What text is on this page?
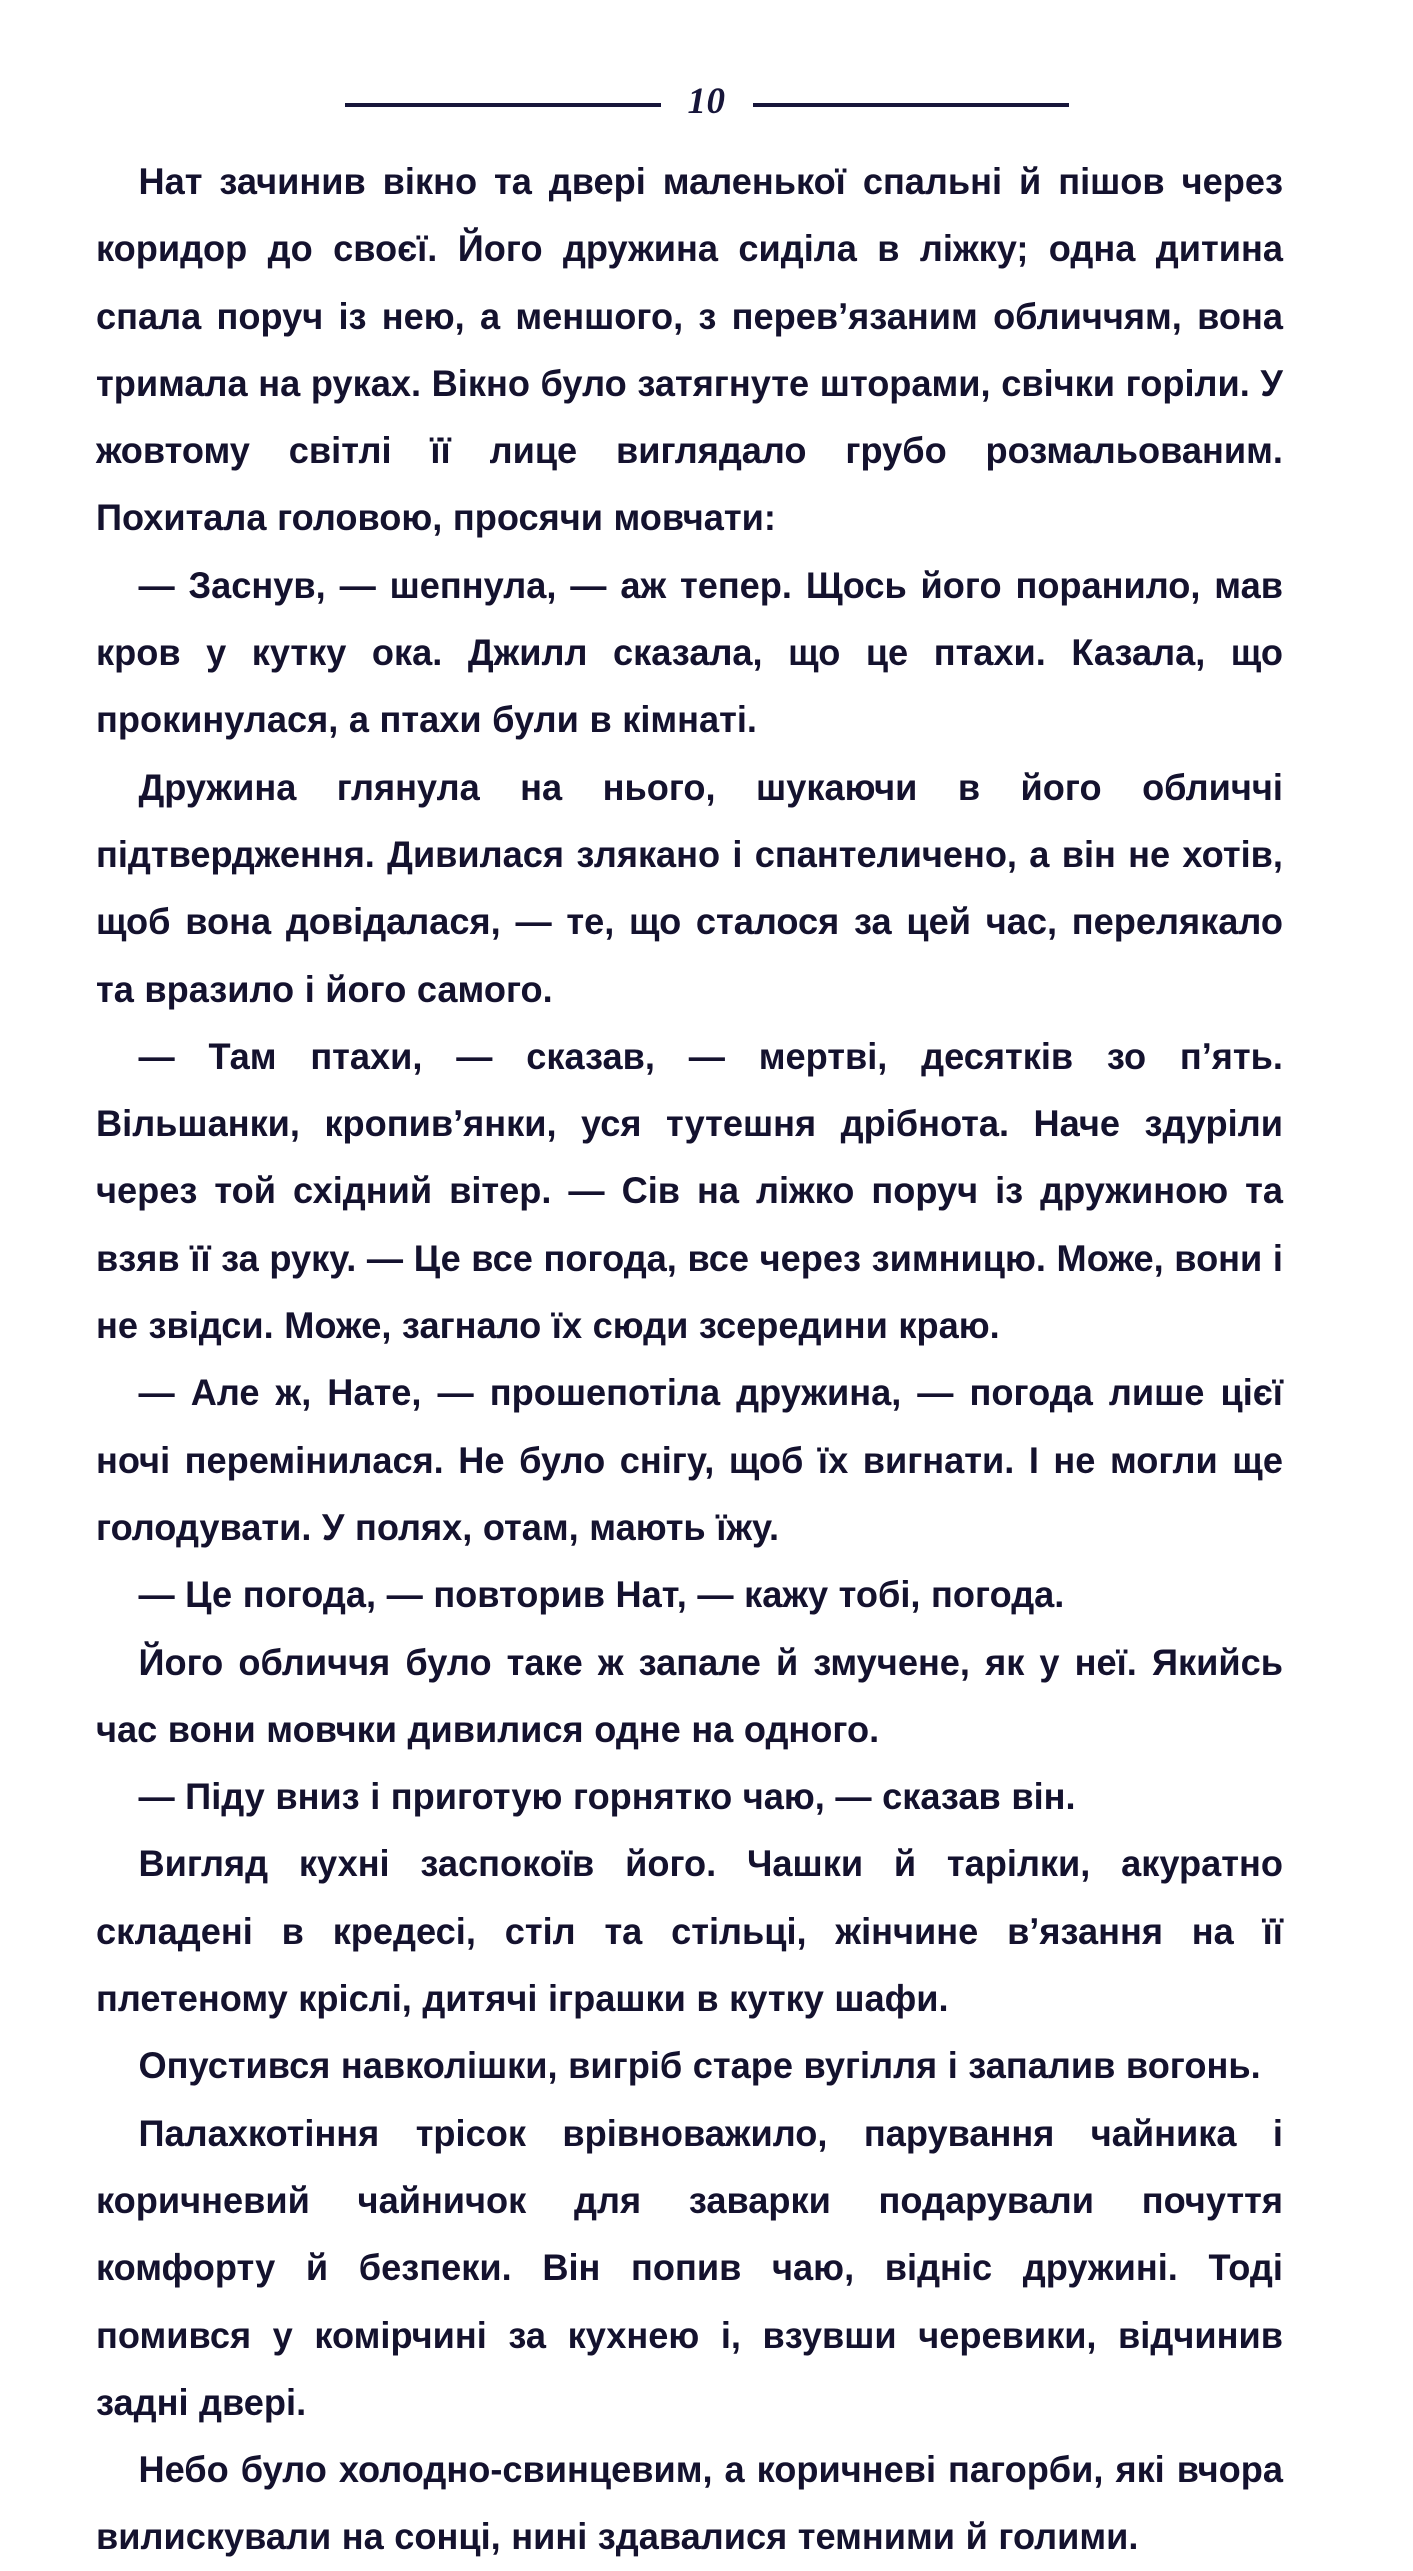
10

Нат зачинив вікно та двері маленької спальні й пішов через коридор до своєї. Його дружина сиділа в ліжку; одна дитина спала поруч із нею, а меншого, з перев’язаним обличчям, вона тримала на руках. Вікно було затягнуте шторами, свічки горіли. У жовтому світлі її лице виглядало грубо розмальованим. Похитала головою, просячи мовчати:

— Заснув, — шепнула, — аж тепер. Щось його поранило, мав кров у кутку ока. Джилл сказала, що це птахи. Казала, що прокинулася, а птахи були в кімнаті.

Дружина глянула на нього, шукаючи в його обличчі підтвердження. Дивилася злякано і спантеличено, а він не хотів, щоб вона довідалася, — те, що сталося за цей час, перелякало та вразило і його самого.

— Там птахи, — сказав, — мертві, десятків зо п’ять. Вільшанки, кропив’янки, уся тутешня дрібнота. Наче здуріли через той східний вітер. — Сів на ліжко поруч із дружиною та взяв її за руку. — Це все погода, все через зимницю. Може, вони і не звідси. Може, загнало їх сюди зсередини краю.

— Але ж, Нате, — прошепотіла дружина, — погода лише цієї ночі перемінилася. Не було снігу, щоб їх вигнати. І не могли ще голодувати. У полях, отам, мають їжу.

— Це погода, — повторив Нат, — кажу тобі, погода.

Його обличчя було таке ж запале й змучене, як у неї. Якийсь час вони мовчки дивилися одне на одного.

— Піду вниз і приготую горнятко чаю, — сказав він.

Вигляд кухні заспокоїв його. Чашки й тарілки, акуратно складені в кредесі, стіл та стільці, жінчине в’язання на її плетеному кріслі, дитячі іграшки в кутку шафи.

Опустився навколішки, вигріб старе вугілля і запалив вогонь.

Палахкотіння трісок врівноважило, парування чайника і коричневий чайничок для заварки подарували почуття комфорту й безпеки. Він попив чаю, відніс дружині. Тоді помився у комірчині за кухнею і, взувши черевики, відчинив задні двері.

Небо було холодно-свинцевим, а коричневі пагорби, які вчора вилискували на сонці, нині здавалися темними й голими.
